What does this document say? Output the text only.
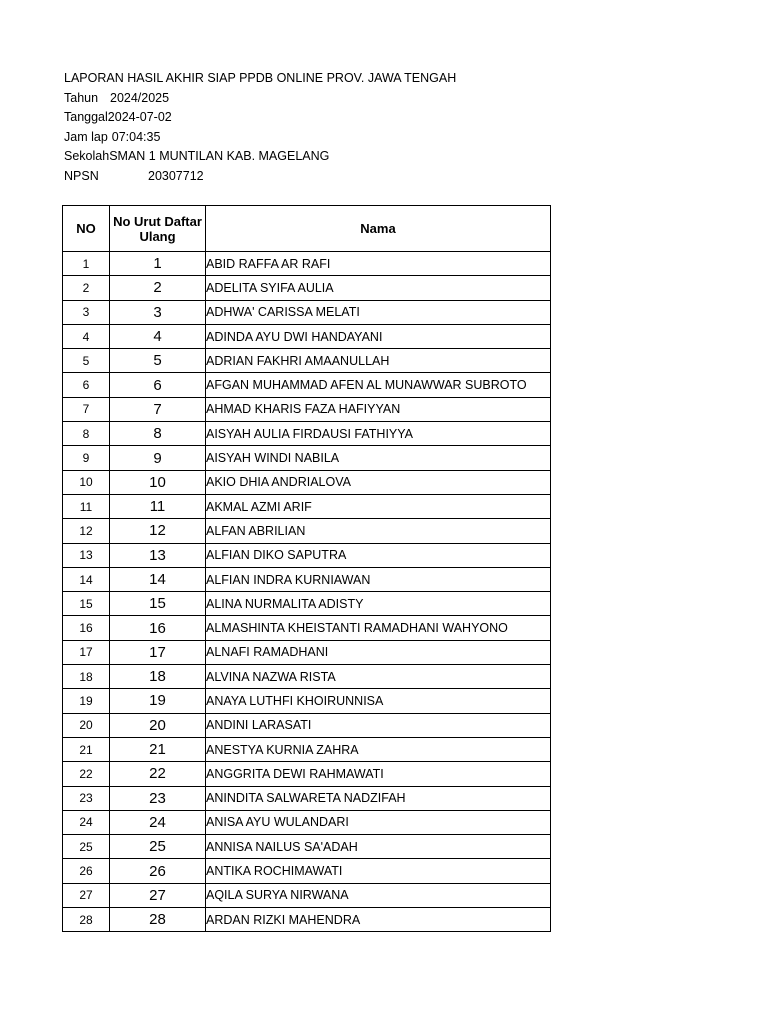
LAPORAN HASIL AKHIR SIAP PPDB ONLINE PROV. JAWA TENGAH
Tahun 2024/2025
Tanggal2024-07-02
Jam lap 07:04:35
SekolahSMAN 1 MUNTILAN KAB. MAGELANG
NPSN	20307712
NO	No Urut Daftar Ulang	Nama
1	1	ABID RAFFA AR RAFI
2	2	ADELITA SYIFA AULIA
3	3	ADHWA' CARISSA MELATI
4	4	ADINDA AYU DWI HANDAYANI
5	5	ADRIAN FAKHRI AMAANULLAH
6	6	AFGAN MUHAMMAD AFEN AL MUNAWWAR SUBROTO
7	7	AHMAD KHARIS FAZA HAFIYYAN
8	8	AISYAH AULIA FIRDAUSI FATHIYYA
9	9	AISYAH WINDI NABILA
10	10	AKIO DHIA ANDRIALOVA
11	11	AKMAL AZMI ARIF
12	12	ALFAN ABRILIAN
13	13	ALFIAN DIKO SAPUTRA
14	14	ALFIAN INDRA KURNIAWAN
15	15	ALINA NURMALITA ADISTY
16	16	ALMASHINTA KHEISTANTI RAMADHANI WAHYONO
17	17	ALNAFI RAMADHANI
18	18	ALVINA NAZWA RISTA
19	19	ANAYA LUTHFI KHOIRUNNISA
20	20	ANDINI LARASATI
21	21	ANESTYA KURNIA ZAHRA
22	22	ANGGRITA DEWI RAHMAWATI
23	23	ANINDITA SALWARETA NADZIFAH
24	24	ANISA AYU WULANDARI
25	25	ANNISA NAILUS SA'ADAH
26	26	ANTIKA ROCHIMAWATI
27	27	AQILA SURYA NIRWANA
28	28	ARDAN RIZKI MAHENDRA
